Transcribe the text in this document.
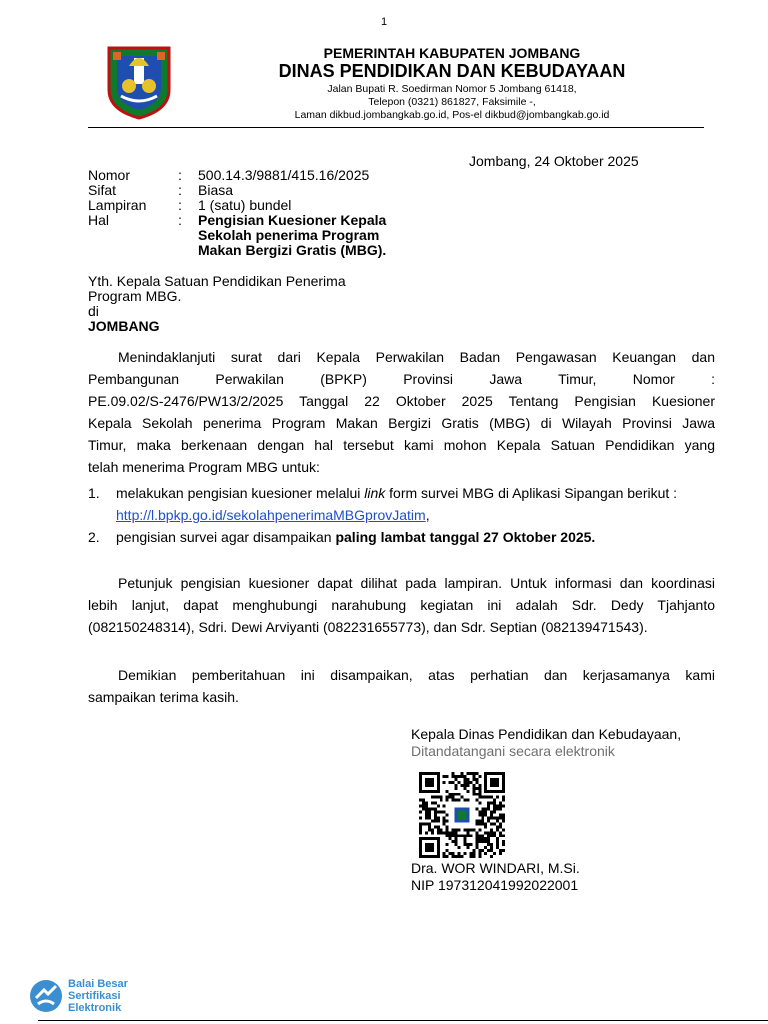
1
PEMERINTAH KABUPATEN JOMBANG
DINAS PENDIDIKAN DAN KEBUDAYAAN
Jalan Bupati R. Soedirman Nomor 5 Jombang 61418,
Telepon (0321) 861827, Faksimile -,
Laman dikbud.jombangkab.go.id, Pos-el dikbud@jombangkab.go.id
Jombang, 24 Oktober 2025
Nomor	:	500.14.3/9881/415.16/2025
Sifat	:	Biasa
Lampiran	:	1 (satu) bundel
Hal	:	Pengisian Kuesioner Kepala
Sekolah penerima Program
Makan Bergizi Gratis (MBG).
Yth. Kepala Satuan Pendidikan Penerima
Program MBG.
di
JOMBANG
Menindaklanjuti surat dari Kepala Perwakilan Badan Pengawasan Keuangan dan
Pembangunan Perwakilan (BPKP) Provinsi Jawa Timur, Nomor :
PE.09.02/S-2476/PW13/2/2025 Tanggal 22 Oktober 2025 Tentang Pengisian Kuesioner
Kepala Sekolah penerima Program Makan Bergizi Gratis (MBG) di Wilayah Provinsi Jawa
Timur, maka berkenaan dengan hal tersebut kami mohon Kepala Satuan Pendidikan yang
telah menerima Program MBG untuk:
1.	melakukan pengisian kuesioner melalui link form survei MBG di Aplikasi Sipangan berikut :
http://l.bpkp.go.id/sekolahpenerimaMBGprovJatim,
2.	pengisian survei agar disampaikan paling lambat tanggal 27 Oktober 2025.
Petunjuk pengisian kuesioner dapat dilihat pada lampiran. Untuk informasi dan koordinasi
lebih lanjut, dapat menghubungi narahubung kegiatan ini adalah Sdr. Dedy Tjahjanto
(082150248314), Sdri. Dewi Arviyanti (082231655773), dan Sdr. Septian (082139471543).
Demikian pemberitahuan ini disampaikan, atas perhatian dan kerjasamanya kami
sampaikan terima kasih.
Kepala Dinas Pendidikan dan Kebudayaan,
Ditandatangani secara elektronik
Dra. WOR WINDARI, M.Si.
NIP 197312041992022001
Balai Besar
Sertifikasi
Elektronik
